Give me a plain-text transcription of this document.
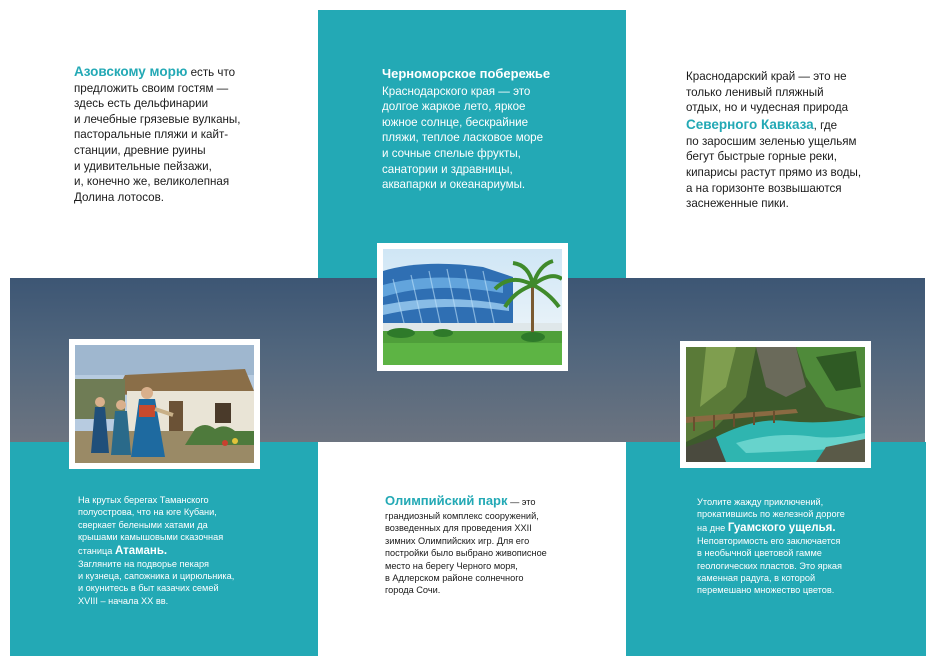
Азовскому морю есть что
предложить своим гостям —
здесь есть дельфинарии
и лечебные грязевые вулканы,
пасторальные пляжи и кайт-
станции, древние руины
и удивительные пейзажи,
и, конечно же, великолепная
Долина лотосов.
Черноморское побережье
Краснодарского края — это
долгое жаркое лето, яркое
южное солнце, бескрайние
пляжи, теплое ласковое море
и сочные спелые фрукты,
санатории и здравницы,
аквапарки и океанариумы.
Краснодарский край — это не
только ленивый пляжный
отдых, но и чудесная природа
Северного Кавказа, где
по заросшим зеленью ущельям
бегут быстрые горные реки,
кипарисы растут прямо из воды,
а на горизонте возвышаются
заснеженные пики.
На крутых берегах Таманского
полуострова, что на юге Кубани,
сверкает белеными хатами да
крышами камышовыми сказочная
станица Атамань.
Загляните на подворье пекаря
и кузнеца, сапожника и цирюльника,
и окунитесь в быт казачих семей
XVIII – начала XX вв.
Олимпийский парк — это
грандиозный комплекс сооружений,
возведенных для проведения XXII
зимних Олимпийских игр. Для его
постройки было выбрано живописное
место на берегу Черного моря,
в Адлерском районе солнечного
города Сочи.
Утолите жажду приключений,
прокатившись по железной дороге
на дне Гуамского ущелья.
Неповторимость его заключается
в необычной цветовой гамме
геологических пластов. Это яркая
каменная радуга, в которой
перемешано множество цветов.
